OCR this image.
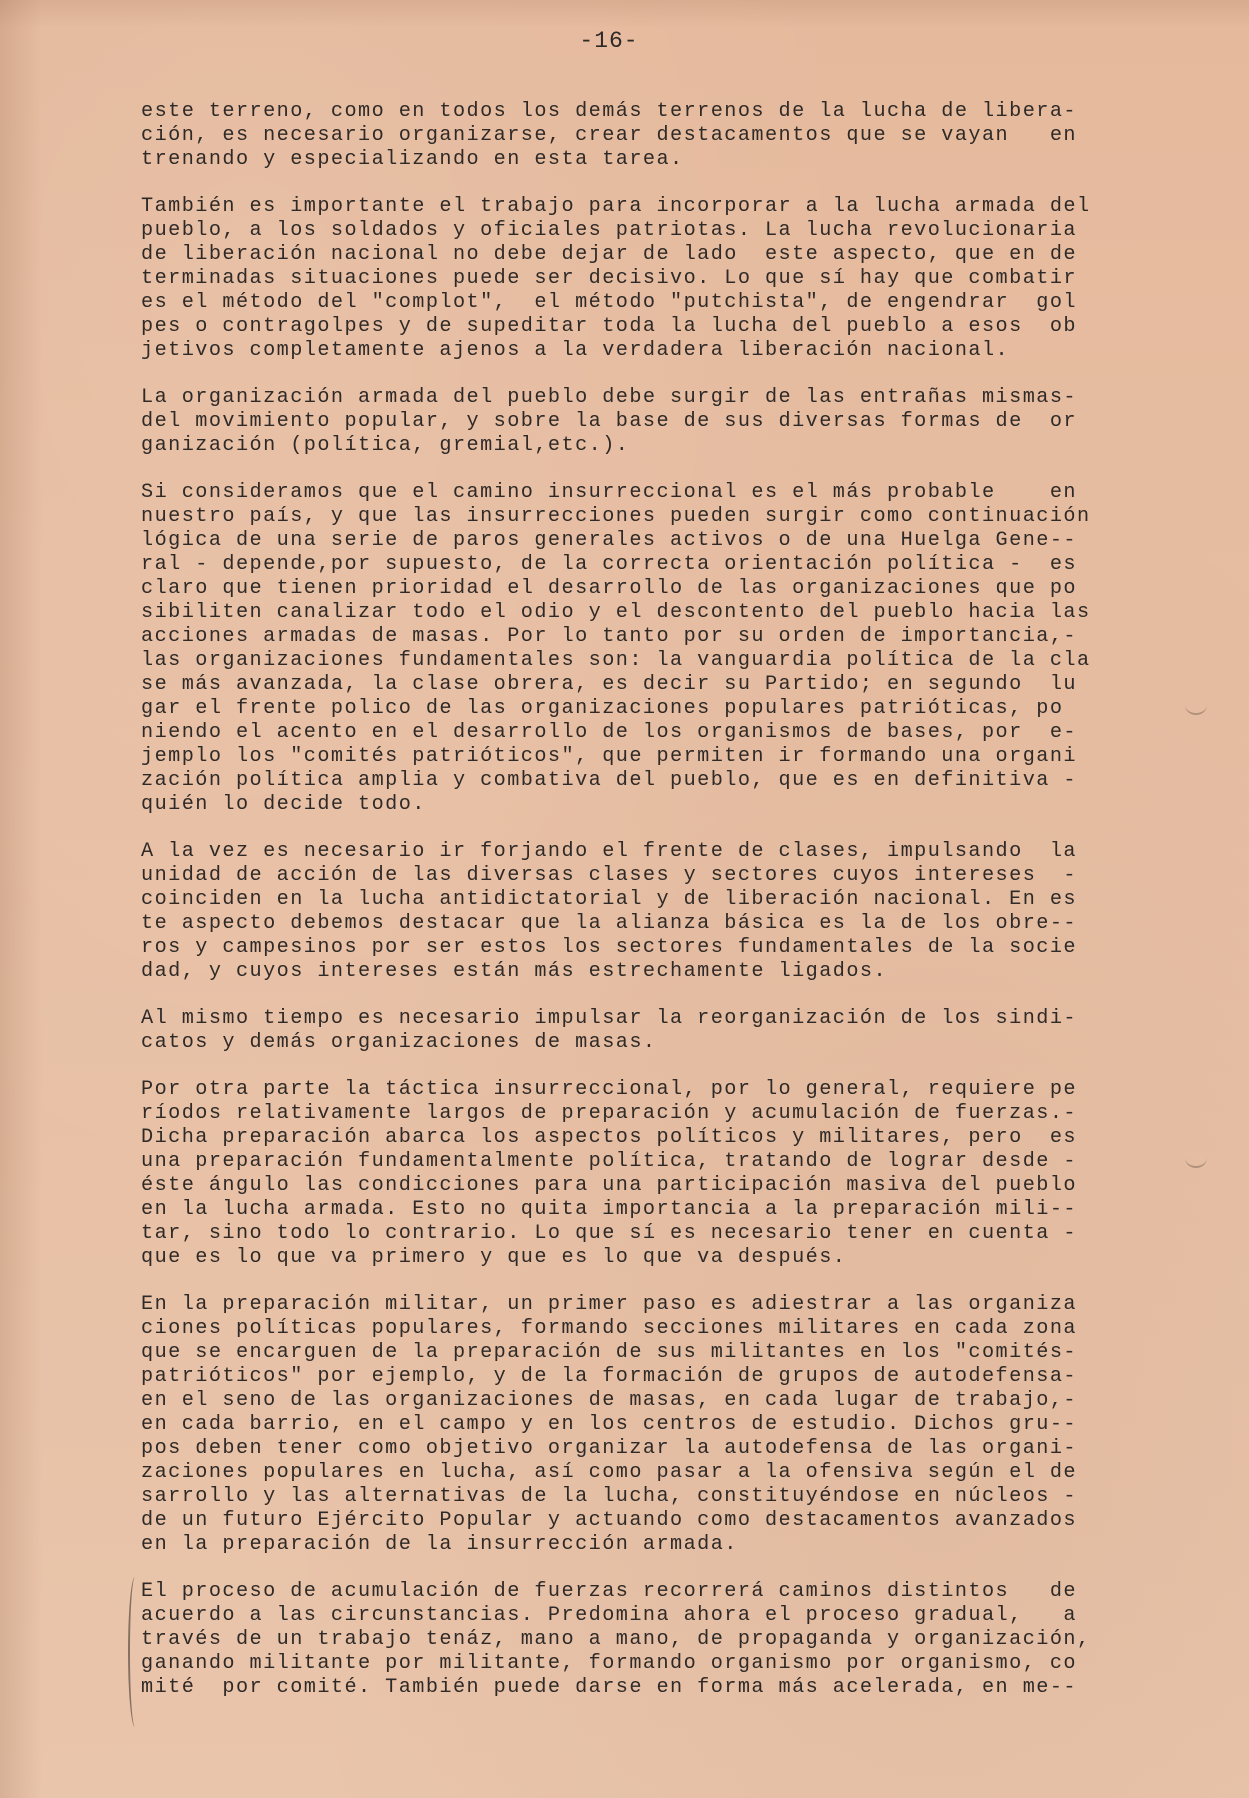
-16-
este terreno, como en todos los demás terrenos de la lucha de libera-
ción, es necesario organizarse, crear destacamentos que se vayan   en
trenando y especializando en esta tarea.
También es importante el trabajo para incorporar a la lucha armada del
pueblo, a los soldados y oficiales patriotas. La lucha revolucionaria
de liberación nacional no debe dejar de lado  este aspecto, que en de
terminadas situaciones puede ser decisivo. Lo que sí hay que combatir
es el método del "complot",  el método "putchista", de engendrar  gol
pes o contragolpes y de supeditar toda la lucha del pueblo a esos  ob
jetivos completamente ajenos a la verdadera liberación nacional.
La organización armada del pueblo debe surgir de las entrañas mismas-
del movimiento popular, y sobre la base de sus diversas formas de  or
ganización (política, gremial,etc.).
Si consideramos que el camino insurreccional es el más probable    en
nuestro país, y que las insurrecciones pueden surgir como continuación
lógica de una serie de paros generales activos o de una Huelga Gene--
ral - depende,por supuesto, de la correcta orientación política -  es
claro que tienen prioridad el desarrollo de las organizaciones que po
sibiliten canalizar todo el odio y el descontento del pueblo hacia las
acciones armadas de masas. Por lo tanto por su orden de importancia,-
las organizaciones fundamentales son: la vanguardia política de la cla
se más avanzada, la clase obrera, es decir su Partido; en segundo  lu
gar el frente polico de las organizaciones populares patrióticas, po
niendo el acento en el desarrollo de los organismos de bases, por  e-
jemplo los "comités patrióticos", que permiten ir formando una organi
zación política amplia y combativa del pueblo, que es en definitiva -
quién lo decide todo.
A la vez es necesario ir forjando el frente de clases, impulsando  la
unidad de acción de las diversas clases y sectores cuyos intereses  -
coinciden en la lucha antidictatorial y de liberación nacional. En es
te aspecto debemos destacar que la alianza básica es la de los obre--
ros y campesinos por ser estos los sectores fundamentales de la socie
dad, y cuyos intereses están más estrechamente ligados.
Al mismo tiempo es necesario impulsar la reorganización de los sindi-
catos y demás organizaciones de masas.
Por otra parte la táctica insurreccional, por lo general, requiere pe
ríodos relativamente largos de preparación y acumulación de fuerzas.-
Dicha preparación abarca los aspectos políticos y militares, pero  es
una preparación fundamentalmente política, tratando de lograr desde -
éste ángulo las condicciones para una participación masiva del pueblo
en la lucha armada. Esto no quita importancia a la preparación mili--
tar, sino todo lo contrario. Lo que sí es necesario tener en cuenta -
que es lo que va primero y que es lo que va después.
En la preparación militar, un primer paso es adiestrar a las organiza
ciones políticas populares, formando secciones militares en cada zona
que se encarguen de la preparación de sus militantes en los "comités-
patrióticos" por ejemplo, y de la formación de grupos de autodefensa-
en el seno de las organizaciones de masas, en cada lugar de trabajo,-
en cada barrio, en el campo y en los centros de estudio. Dichos gru--
pos deben tener como objetivo organizar la autodefensa de las organi-
zaciones populares en lucha, así como pasar a la ofensiva según el de
sarrollo y las alternativas de la lucha, constituyéndose en núcleos -
de un futuro Ejército Popular y actuando como destacamentos avanzados
en la preparación de la insurrección armada.
El proceso de acumulación de fuerzas recorrerá caminos distintos   de
acuerdo a las circunstancias. Predomina ahora el proceso gradual,   a
través de un trabajo tenáz, mano a mano, de propaganda y organización,
ganando militante por militante, formando organismo por organismo, co
mité  por comité. También puede darse en forma más acelerada, en me--
